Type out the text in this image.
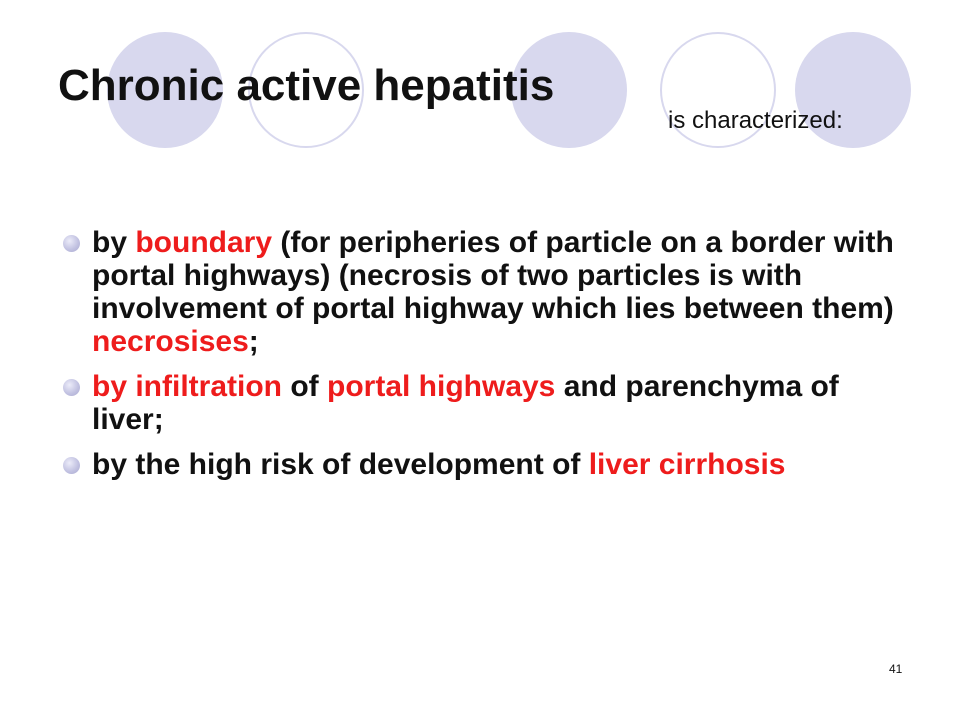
Chronic active hepatitis
is characterized:
by boundary (for peripheries of particle on a border with portal highways) (necrosis of two particles is with involvement of portal highway which lies between them) necrosises;
by infiltration of portal highways and parenchyma of liver;
by the high risk of development of liver cirrhosis
41
